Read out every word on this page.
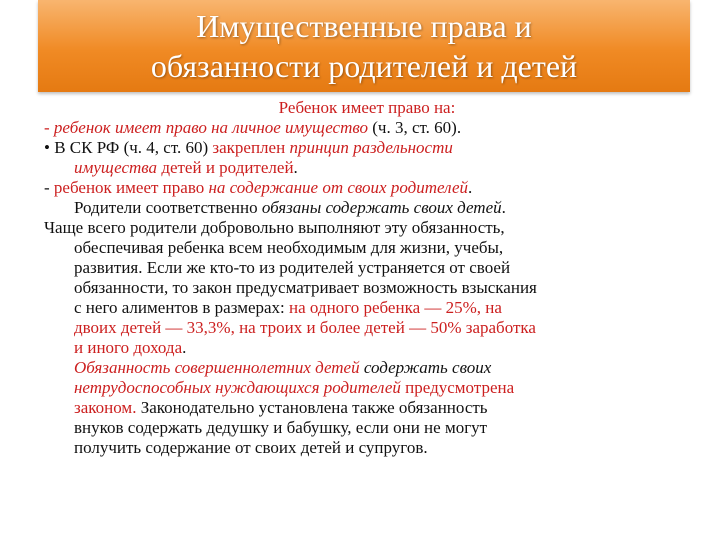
Имущественные права и
обязанности родителей и детей
Ребенок имеет право на:
- ребенок имеет право на личное имущество (ч. 3, ст. 60).
• В СК РФ (ч. 4, ст. 60) закреплен принцип раздельности
имущества детей и родителей.
- ребенок имеет право на содержание от своих родителей.
Родители соответственно обязаны содержать своих детей.
Чаще всего родители добровольно выполняют эту обязанность,
обеспечивая ребенка всем необходимым для жизни, учебы,
развития. Если же кто-то из родителей устраняется от своей
обязанности, то закон предусматривает возможность взыскания
с него алиментов в размерах: на одного ребенка — 25%, на
двоих детей — 33,3%, на троих и более детей — 50% заработка
и иного дохода.
Обязанность совершеннолетних детей содержать своих
нетрудоспособных нуждающихся родителей предусмотрена
законом. Законодательно установлена также обязанность
внуков содержать дедушку и бабушку, если они не могут
получить содержание от своих детей и супругов.
